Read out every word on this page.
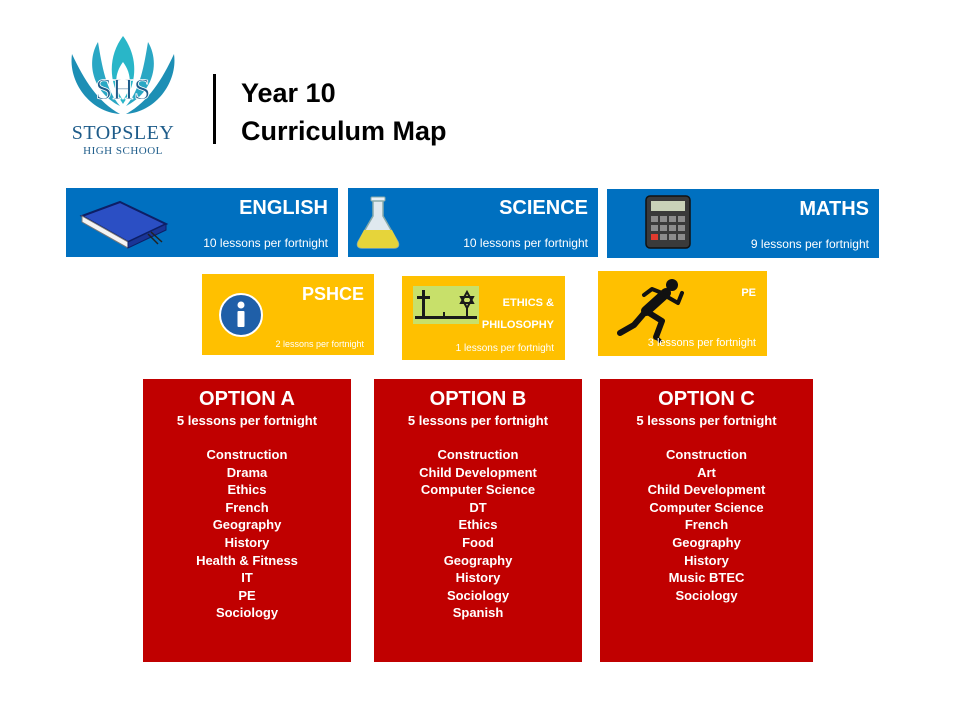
SHS
STOPSLEY
HIGH SCHOOL
Year 10
Curriculum Map
ENGLISH
10 lessons per fortnight
SCIENCE
10 lessons per fortnight
MATHS
9 lessons per fortnight
PSHCE
2 lessons per fortnight
ETHICS &
PHILOSOPHY
1 lessons per fortnight
PE
3 lessons per fortnight
OPTION A
5 lessons per fortnight
Construction
Drama
Ethics
French
Geography
History
Health & Fitness
IT
PE
Sociology
OPTION B
5 lessons per fortnight
Construction
Child Development
Computer Science
DT
Ethics
Food
Geography
History
Sociology
Spanish
OPTION C
5 lessons per fortnight
Construction
Art
Child Development
Computer Science
French
Geography
History
Music BTEC
Sociology
